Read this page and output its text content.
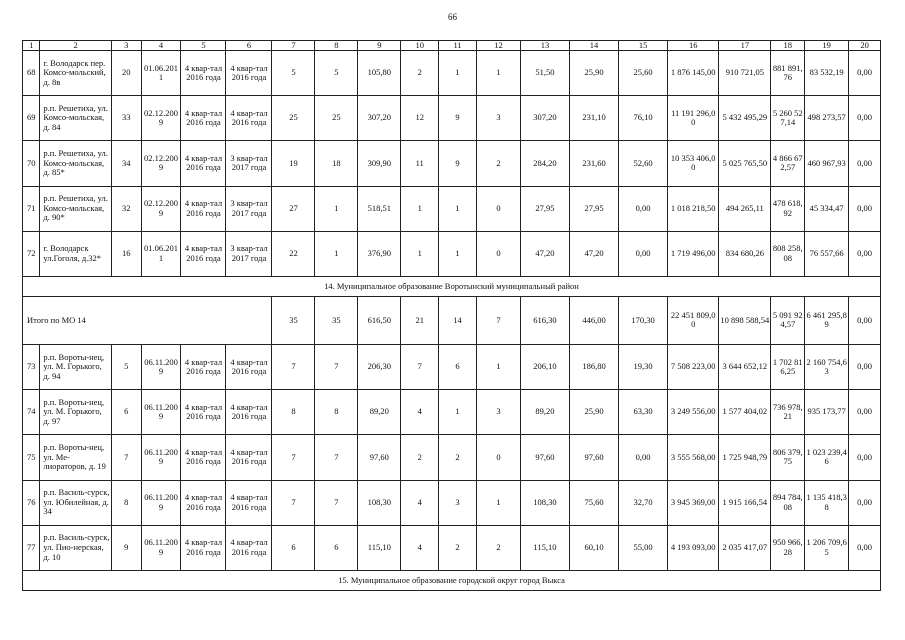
66
1	2	3	4	5	6	7	8	9	10	11	12	13	14	15	16	17	18	19	20
68	г. Володарск пер. Комсо-мольский, д. 8в	20	01.06.2011	4 квар-тал 2016 года	4 квар-тал 2016 года	5	5	105,80	2	1	1	51,50	25,90	25,60	1 876 145,00	910 721,05	881 891,76	83 532,19	0,00
69	р.п. Решетиха, ул. Комсо-мольская, д. 84	33	02.12.2009	4 квар-тал 2016 года	4 квар-тал 2016 года	25	25	307,20	12	9	3	307,20	231,10	76,10	11 191 296,00	5 432 495,29	5 260 527,14	498 273,57	0,00
70	р.п. Решетиха, ул. Комсо-мольская, д. 85*	34	02.12.2009	4 квар-тал 2016 года	3 квар-тал 2017 года	19	18	309,90	11	9	2	284,20	231,60	52,60	10 353 406,00	5 025 765,50	4 866 672,57	460 967,93	0,00
71	р.п. Решетиха, ул. Комсо-мольская, д. 90*	32	02.12.2009	4 квар-тал 2016 года	3 квар-тал 2017 года	27	1	518,51	1	1	0	27,95	27,95	0,00	1 018 218,50	494 265,11	478 618,92	45 334,47	0,00
72	г. Володарск ул.Гоголя, д.32*	16	01.06.2011	4 квар-тал 2016 года	3 квар-тал 2017 года	22	1	376,90	1	1	0	47,20	47,20	0,00	1 719 496,00	834 680,26	808 258,08	76 557,66	0,00
14. Муниципальное образование Воротынский муниципальный район																			
Итого по МО 14						35	35	616,50	21	14	7	616,30	446,00	170,30	22 451 809,00	10 898 588,54	5 091 924,57	6 461 295,89	0,00
73	р.п. Вороты-нец, ул. М. Горького, д. 94	5	06.11.2009	4 квар-тал 2016 года	4 квар-тал 2016 года	7	7	206,30	7	6	1	206,10	186,80	19,30	7 508 223,00	3 644 652,12	1 702 816,25	2 160 754,63	0,00
74	р.п. Вороты-нец, ул. М. Горького, д. 97	6	06.11.2009	4 квар-тал 2016 года	4 квар-тал 2016 года	8	8	89,20	4	1	3	89,20	25,90	63,30	3 249 556,00	1 577 404,02	736 978,21	935 173,77	0,00
75	р.п. Вороты-нец, ул. Ме-лиораторов, д. 19	7	06.11.2009	4 квар-тал 2016 года	4 квар-тал 2016 года	7	7	97,60	2	2	0	97,60	97,60	0,00	3 555 568,00	1 725 948,79	806 379,75	1 023 239,46	0,00
76	р.п. Василь-сурск, ул. Юбилейная, д. 34	8	06.11.2009	4 квар-тал 2016 года	4 квар-тал 2016 года	7	7	108,30	4	3	1	108,30	75,60	32,70	3 945 369,00	1 915 166,54	894 784,08	1 135 418,38	0,00
77	р.п. Василь-сурск, ул. Пио-нерская, д. 10	9	06.11.2009	4 квар-тал 2016 года	4 квар-тал 2016 года	6	6	115,10	4	2	2	115,10	60,10	55,00	4 193 093,00	2 035 417,07	950 966,28	1 206 709,65	0,00
15. Муниципальное образование городской округ город Выкса																			
